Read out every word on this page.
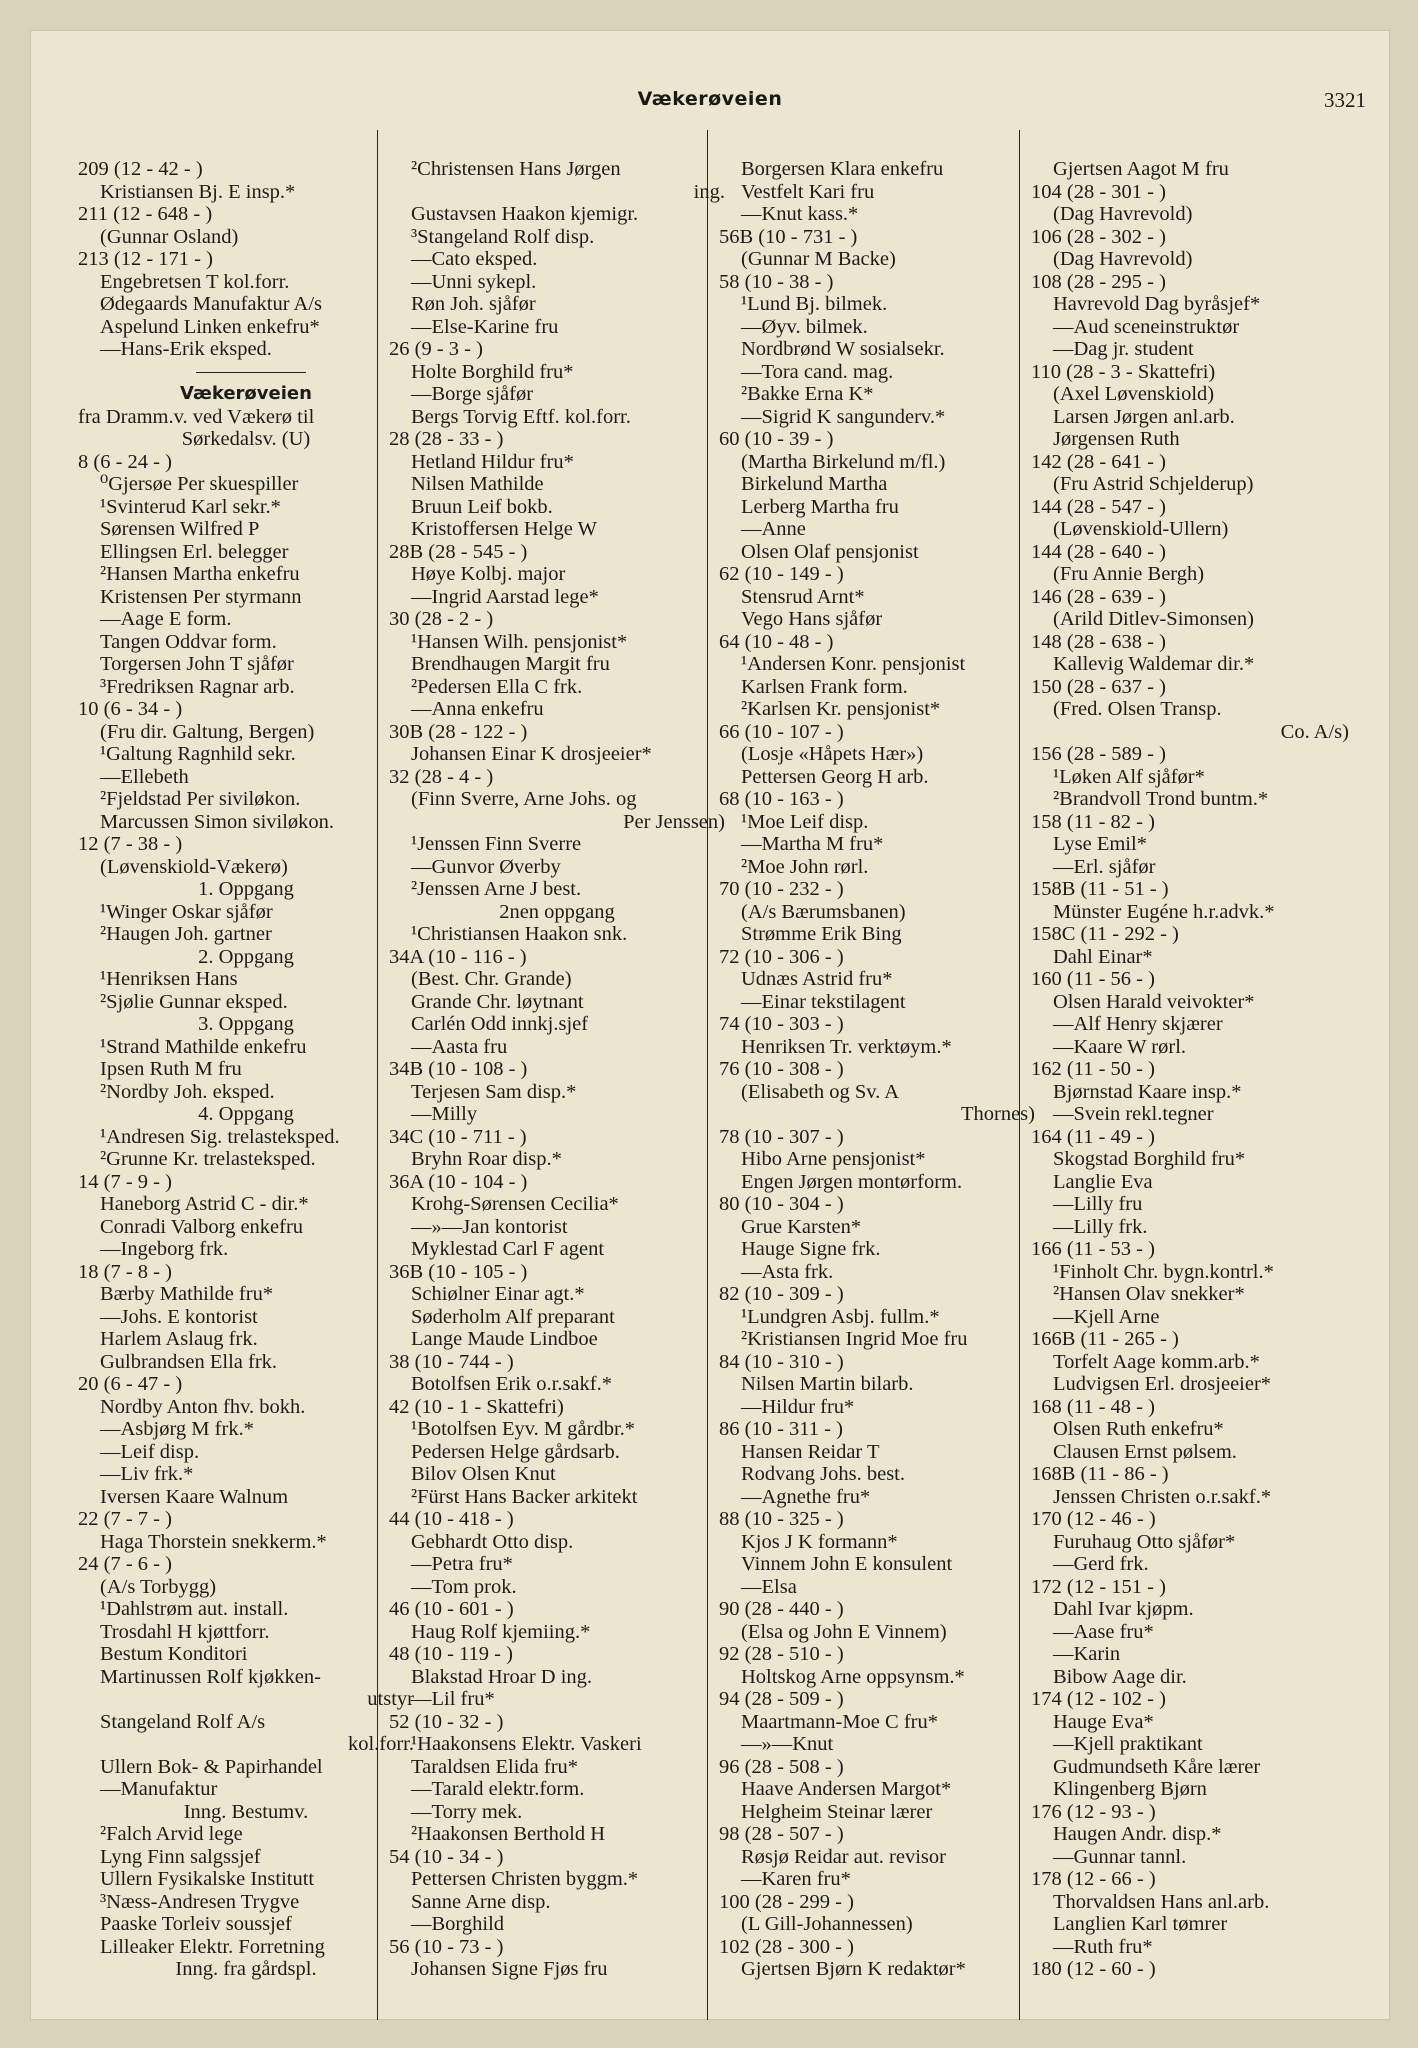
Vækerøveien	3321
209 (12 - 42 - )
Kristiansen Bj. E insp.*
211 (12 - 648 - )
(Gunnar Osland)
213 (12 - 171 - )
Engebretsen T kol.forr.
Ødegaards Manufaktur A/s
Aspelund Linken enkefru*
—Hans-Erik eksped.
Vækerøveien
fra Dramm.v. ved Vækerø til
Sørkedalsv. (U)
8 (6 - 24 - )
⁰Gjersøe Per skuespiller
¹Svinterud Karl sekr.*
Sørensen Wilfred P
Ellingsen Erl. belegger
²Hansen Martha enkefru
Kristensen Per styrmann
—Aage E form.
Tangen Oddvar form.
Torgersen John T sjåfør
³Fredriksen Ragnar arb.
10 (6 - 34 - )
(Fru dir. Galtung, Bergen)
¹Galtung Ragnhild sekr.
—Ellebeth
²Fjeldstad Per siviløkon.
Marcussen Simon siviløkon.
12 (7 - 38 - )
(Løvenskiold-Vækerø)
1. Oppgang
¹Winger Oskar sjåfør
²Haugen Joh. gartner
2. Oppgang
¹Henriksen Hans
²Sjølie Gunnar eksped.
3. Oppgang
¹Strand Mathilde enkefru
Ipsen Ruth M fru
²Nordby Joh. eksped.
4. Oppgang
¹Andresen Sig. trelasteksped.
²Grunne Kr. trelasteksped.
14 (7 - 9 - )
Haneborg Astrid C - dir.*
Conradi Valborg enkefru
—Ingeborg frk.
18 (7 - 8 - )
Bærby Mathilde fru*
—Johs. E kontorist
Harlem Aslaug frk.
Gulbrandsen Ella frk.
20 (6 - 47 - )
Nordby Anton fhv. bokh.
—Asbjørg M frk.*
—Leif disp.
—Liv frk.*
Iversen Kaare Walnum
22 (7 - 7 - )
Haga Thorstein snekkerm.*
24 (7 - 6 - )
(A/s Torbygg)
¹Dahlstrøm aut. install.
Trosdahl H kjøttforr.
Bestum Konditori
Martinussen Rolf kjøkken-
utstyr
Stangeland Rolf A/s
kol.forr.
Ullern Bok- & Papirhandel
—Manufaktur
Inng. Bestumv.
²Falch Arvid lege
Lyng Finn salgssjef
Ullern Fysikalske Institutt
³Næss-Andresen Trygve
Paaske Torleiv soussjef
Lilleaker Elektr. Forretning
Inng. fra gårdspl.
²Christensen Hans Jørgen
ing.
Gustavsen Haakon kjemigr.
³Stangeland Rolf disp.
—Cato eksped.
—Unni sykepl.
Røn Joh. sjåfør
—Else-Karine fru
26 (9 - 3 - )
Holte Borghild fru*
—Borge sjåfør
Bergs Torvig Eftf. kol.forr.
28 (28 - 33 - )
Hetland Hildur fru*
Nilsen Mathilde
Bruun Leif bokb.
Kristoffersen Helge W
28B (28 - 545 - )
Høye Kolbj. major
—Ingrid Aarstad lege*
30 (28 - 2 - )
¹Hansen Wilh. pensjonist*
Brendhaugen Margit fru
²Pedersen Ella C frk.
—Anna enkefru
30B (28 - 122 - )
Johansen Einar K drosjeeier*
32 (28 - 4 - )
(Finn Sverre, Arne Johs. og
Per Jenssen)
¹Jenssen Finn Sverre
—Gunvor Øverby
²Jenssen Arne J best.
2nen oppgang
¹Christiansen Haakon snk.
34A (10 - 116 - )
(Best. Chr. Grande)
Grande Chr. løytnant
Carlén Odd innkj.sjef
—Aasta fru
34B (10 - 108 - )
Terjesen Sam disp.*
—Milly
34C (10 - 711 - )
Bryhn Roar disp.*
36A (10 - 104 - )
Krohg-Sørensen Cecilia*
—»—Jan kontorist
Myklestad Carl F agent
36B (10 - 105 - )
Schiølner Einar agt.*
Søderholm Alf preparant
Lange Maude Lindboe
38 (10 - 744 - )
Botolfsen Erik o.r.sakf.*
42 (10 - 1 - Skattefri)
¹Botolfsen Eyv. M gårdbr.*
Pedersen Helge gårdsarb.
Bilov Olsen Knut
²Fürst Hans Backer arkitekt
44 (10 - 418 - )
Gebhardt Otto disp.
—Petra fru*
—Tom prok.
46 (10 - 601 - )
Haug Rolf kjemiing.*
48 (10 - 119 - )
Blakstad Hroar D ing.
—Lil fru*
52 (10 - 32 - )
¹Haakonsens Elektr. Vaskeri
Taraldsen Elida fru*
—Tarald elektr.form.
—Torry mek.
²Haakonsen Berthold H
54 (10 - 34 - )
Pettersen Christen byggm.*
Sanne Arne disp.
—Borghild
56 (10 - 73 - )
Johansen Signe Fjøs fru
Borgersen Klara enkefru
Vestfelt Kari fru
—Knut kass.*
56B (10 - 731 - )
(Gunnar M Backe)
58 (10 - 38 - )
¹Lund Bj. bilmek.
—Øyv. bilmek.
Nordbrønd W sosialsekr.
—Tora cand. mag.
²Bakke Erna K*
—Sigrid K sangunderv.*
60 (10 - 39 - )
(Martha Birkelund m/fl.)
Birkelund Martha
Lerberg Martha fru
—Anne
Olsen Olaf pensjonist
62 (10 - 149 - )
Stensrud Arnt*
Vego Hans sjåfør
64 (10 - 48 - )
¹Andersen Konr. pensjonist
Karlsen Frank form.
²Karlsen Kr. pensjonist*
66 (10 - 107 - )
(Losje «Håpets Hær»)
Pettersen Georg H arb.
68 (10 - 163 - )
¹Moe Leif disp.
—Martha M fru*
²Moe John rørl.
70 (10 - 232 - )
(A/s Bærumsbanen)
Strømme Erik Bing
72 (10 - 306 - )
Udnæs Astrid fru*
—Einar tekstilagent
74 (10 - 303 - )
Henriksen Tr. verktøym.*
76 (10 - 308 - )
(Elisabeth og Sv. A
Thornes)
78 (10 - 307 - )
Hibo Arne pensjonist*
Engen Jørgen montørform.
80 (10 - 304 - )
Grue Karsten*
Hauge Signe frk.
—Asta frk.
82 (10 - 309 - )
¹Lundgren Asbj. fullm.*
²Kristiansen Ingrid Moe fru
84 (10 - 310 - )
Nilsen Martin bilarb.
—Hildur fru*
86 (10 - 311 - )
Hansen Reidar T
Rodvang Johs. best.
—Agnethe fru*
88 (10 - 325 - )
Kjos J K formann*
Vinnem John E konsulent
—Elsa
90 (28 - 440 - )
(Elsa og John E Vinnem)
92 (28 - 510 - )
Holtskog Arne oppsynsm.*
94 (28 - 509 - )
Maartmann-Moe C fru*
—»—Knut
96 (28 - 508 - )
Haave Andersen Margot*
Helgheim Steinar lærer
98 (28 - 507 - )
Røsjø Reidar aut. revisor
—Karen fru*
100 (28 - 299 - )
(L Gill-Johannessen)
102 (28 - 300 - )
Gjertsen Bjørn K redaktør*
Gjertsen Aagot M fru
104 (28 - 301 - )
(Dag Havrevold)
106 (28 - 302 - )
(Dag Havrevold)
108 (28 - 295 - )
Havrevold Dag byråsjef*
—Aud sceneinstruktør
—Dag jr. student
110 (28 - 3 - Skattefri)
(Axel Løvenskiold)
Larsen Jørgen anl.arb.
Jørgensen Ruth
142 (28 - 641 - )
(Fru Astrid Schjelderup)
144 (28 - 547 - )
(Løvenskiold-Ullern)
144 (28 - 640 - )
(Fru Annie Bergh)
146 (28 - 639 - )
(Arild Ditlev-Simonsen)
148 (28 - 638 - )
Kallevig Waldemar dir.*
150 (28 - 637 - )
(Fred. Olsen Transp.
Co. A/s)
156 (28 - 589 - )
¹Løken Alf sjåfør*
²Brandvoll Trond buntm.*
158 (11 - 82 - )
Lyse Emil*
—Erl. sjåfør
158B (11 - 51 - )
Münster Eugéne h.r.advk.*
158C (11 - 292 - )
Dahl Einar*
160 (11 - 56 - )
Olsen Harald veivokter*
—Alf Henry skjærer
—Kaare W rørl.
162 (11 - 50 - )
Bjørnstad Kaare insp.*
—Svein rekl.tegner
164 (11 - 49 - )
Skogstad Borghild fru*
Langlie Eva
—Lilly fru
—Lilly frk.
166 (11 - 53 - )
¹Finholt Chr. bygn.kontrl.*
²Hansen Olav snekker*
—Kjell Arne
166B (11 - 265 - )
Torfelt Aage komm.arb.*
Ludvigsen Erl. drosjeeier*
168 (11 - 48 - )
Olsen Ruth enkefru*
Clausen Ernst pølsem.
168B (11 - 86 - )
Jenssen Christen o.r.sakf.*
170 (12 - 46 - )
Furuhaug Otto sjåfør*
—Gerd frk.
172 (12 - 151 - )
Dahl Ivar kjøpm.
—Aase fru*
—Karin
Bibow Aage dir.
174 (12 - 102 - )
Hauge Eva*
—Kjell praktikant
Gudmundseth Kåre lærer
Klingenberg Bjørn
176 (12 - 93 - )
Haugen Andr. disp.*
—Gunnar tannl.
178 (12 - 66 - )
Thorvaldsen Hans anl.arb.
Langlien Karl tømrer
—Ruth fru*
180 (12 - 60 - )
